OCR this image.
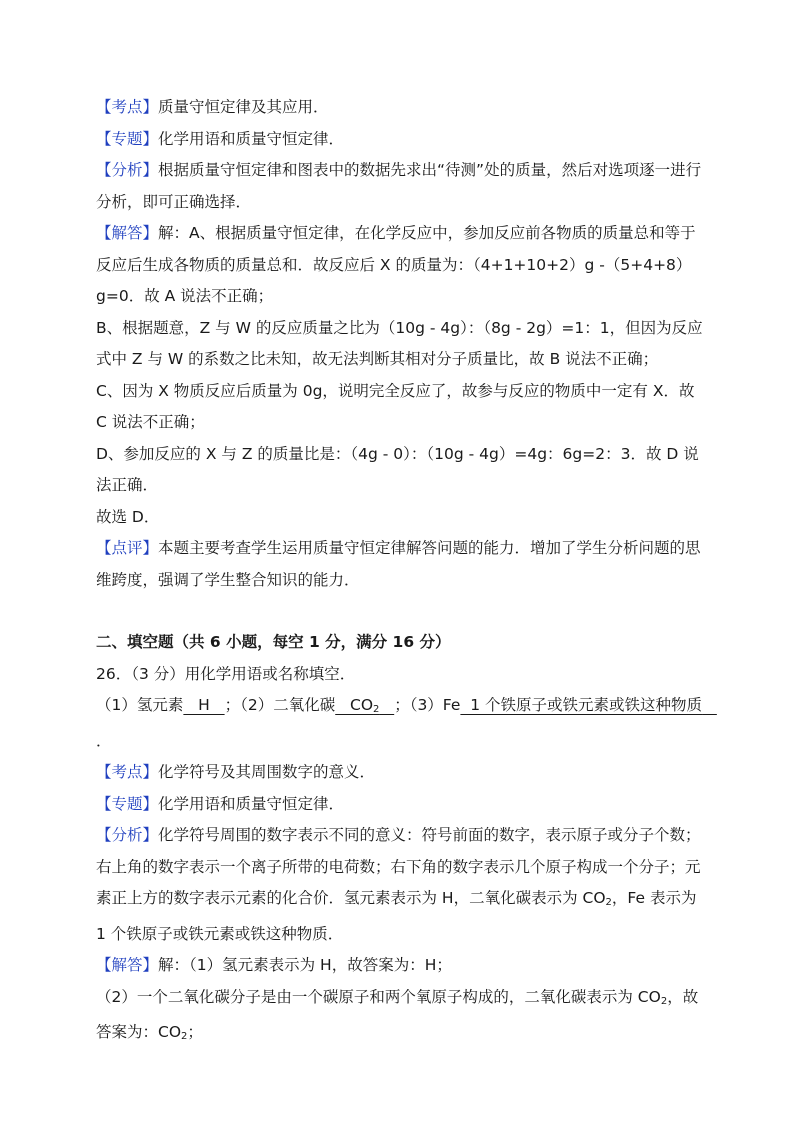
【考点】质量守恒定律及其应用．

【专题】化学用语和质量守恒定律．

【分析】根据质量守恒定律和图表中的数据先求出“待测”处的质量，然后对选项逐一进行分析，即可正确选择．

【解答】解：A、根据质量守恒定律，在化学反应中，参加反应前各物质的质量总和等于反应后生成各物质的质量总和．故反应后 X 的质量为：（4+1+10+2）g -（5+4+8）g=0．故 A 说法不正确；

B、根据题意，Z 与 W 的反应质量之比为（10g - 4g）：（8g - 2g）=1：1，但因为反应式中 Z 与 W 的系数之比未知，故无法判断其相对分子质量比，故 B 说法不正确；

C、因为 X 物质反应后质量为 0g，说明完全反应了，故参与反应的物质中一定有 X．故 C 说法不正确；

D、参加反应的 X 与 Z 的质量比是：（4g - 0）：（10g - 4g）=4g：6g=2：3．故 D 说法正确．

故选 D．

【点评】本题主要考查学生运用质量守恒定律解答问题的能力．增加了学生分析问题的思维跨度，强调了学生整合知识的能力．

二、填空题（共 6 小题，每空 1 分，满分 16 分）

26．（3 分）用化学用语或名称填空．

（1）氢元素   H   ；（2）二氧化碳   $CO_2$ ；（3）Fe  1 个铁原子或铁元素或铁这种物质   ．

【考点】化学符号及其周围数字的意义．

【专题】化学用语和质量守恒定律．

【分析】化学符号周围的数字表示不同的意义：符号前面的数字，表示原子或分子个数；右上角的数字表示一个离子所带的电荷数；右下角的数字表示几个原子构成一个分子；元素正上方的数字表示元素的化合价．氢元素表示为 H，二氧化碳表示为 $CO_2$，Fe 表示为 1 个铁原子或铁元素或铁这种物质．

【解答】解：（1）氢元素表示为 H，故答案为：H；

（2）一个二氧化碳分子是由一个碳原子和两个氧原子构成的，二氧化碳表示为 $CO_2$，故答案为：$CO_2$；
